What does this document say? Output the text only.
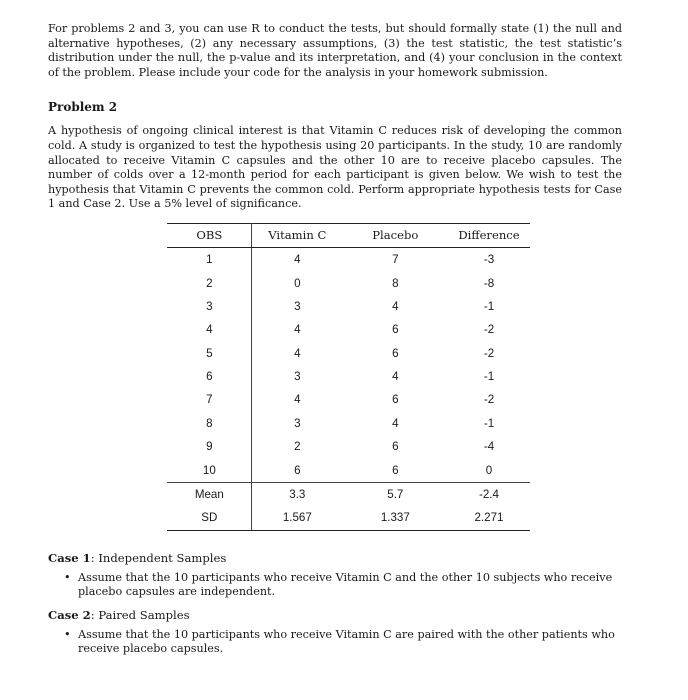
For problems 2 and 3, you can use R to conduct the tests, but should formally state (1) the null and alternative hypotheses, (2) any necessary assumptions, (3) the test statistic, the test statistic’s distribution under the null, the p-value and its interpretation, and (4) your conclusion in the context of the problem. Please include your code for the analysis in your homework submission.

Problem 2

A hypothesis of ongoing clinical interest is that Vitamin C reduces risk of developing the common cold. A study is organized to test the hypothesis using 20 participants. In the study, 10 are randomly allocated to receive Vitamin C capsules and the other 10 are to receive placebo capsules. The number of colds over a 12-month period for each participant is given below. We wish to test the hypothesis that Vitamin C prevents the common cold. Perform appropriate hypothesis tests for Case 1 and Case 2. Use a 5% level of significance.

OBS	Vitamin C	Placebo	Difference
1	4	7	-3
2	0	8	-8
3	3	4	-1
4	4	6	-2
5	4	6	-2
6	3	4	-1
7	4	6	-2
8	3	4	-1
9	2	6	-4
10	6	6	0
Mean	3.3	5.7	-2.4
SD	1.567	1.337	2.271
Case 1: Independent Samples
• Assume that the 10 participants who receive Vitamin C and the other 10 subjects who receive placebo capsules are independent.
Case 2: Paired Samples
• Assume that the 10 participants who receive Vitamin C are paired with the other patients who receive placebo capsules.
